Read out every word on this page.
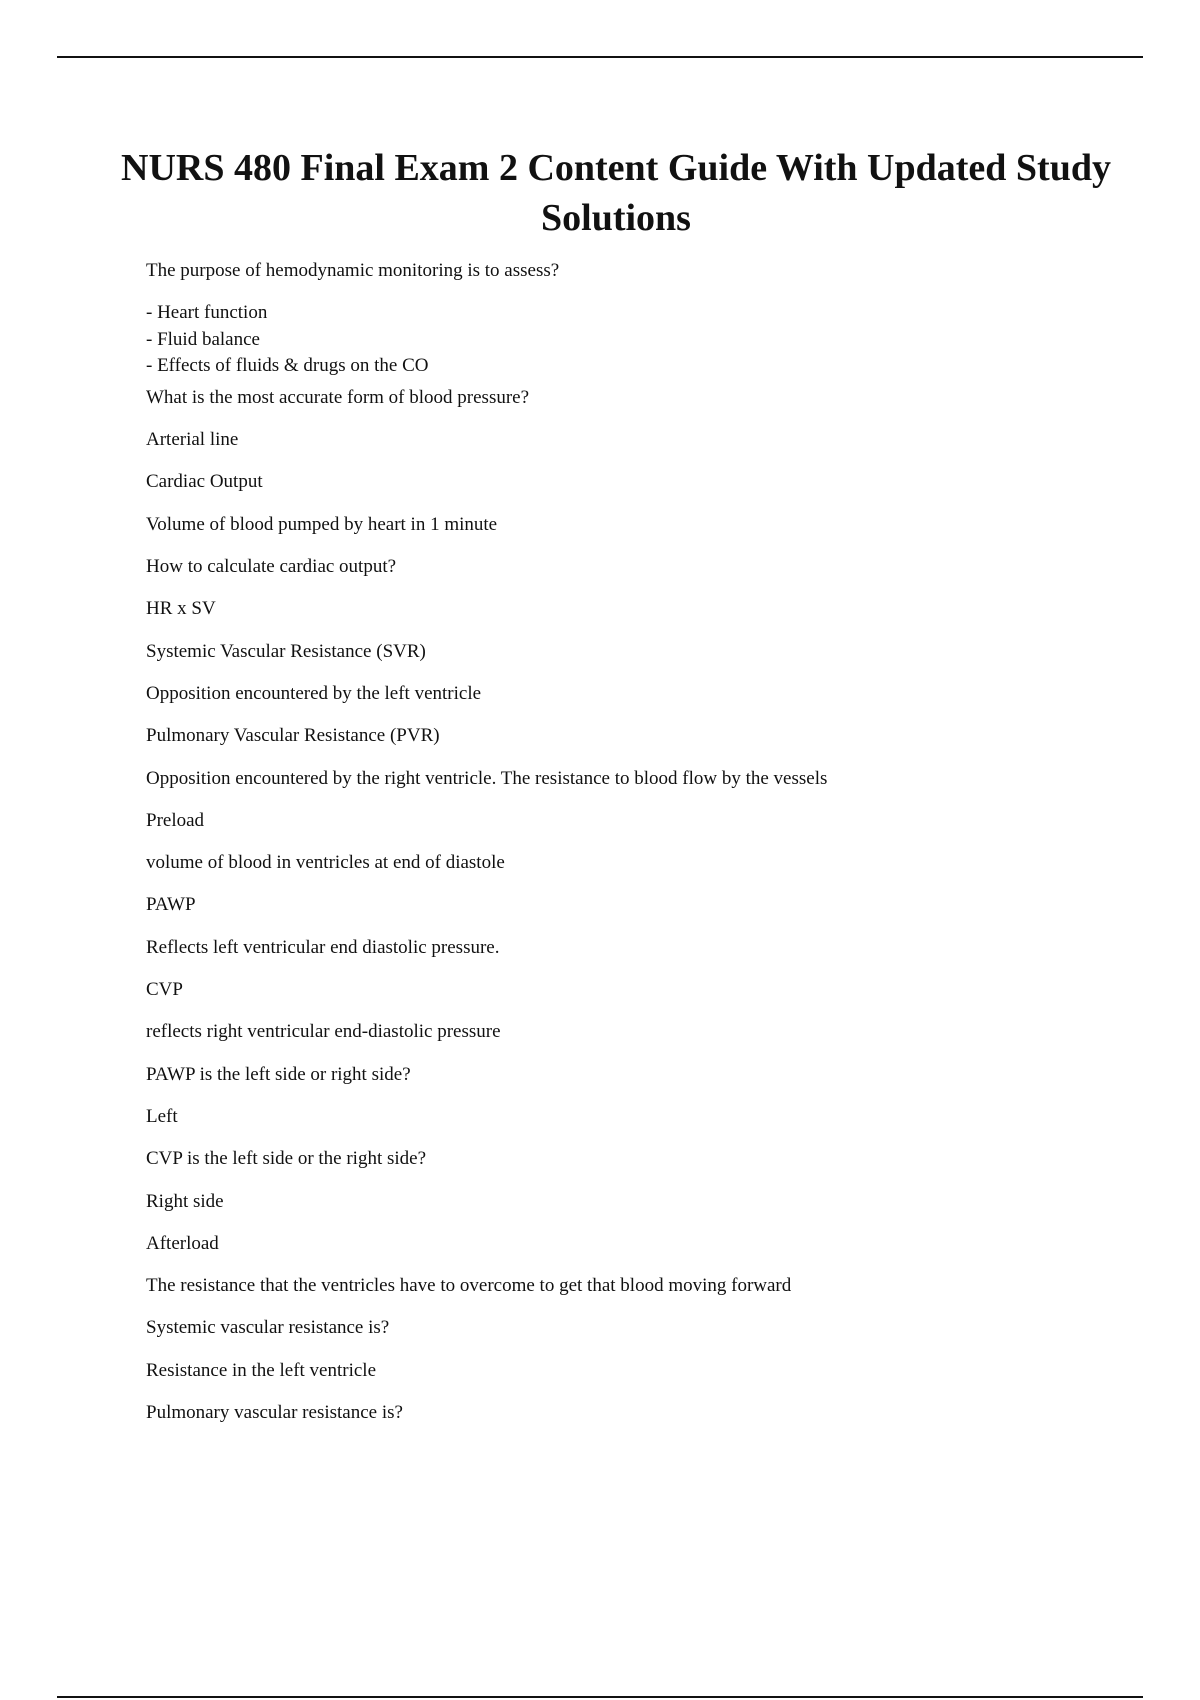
NURS 480 Final Exam 2 Content Guide With Updated Study Solutions
The purpose of hemodynamic monitoring is to assess?
- Heart function
- Fluid balance
- Effects of fluids & drugs on the CO
What is the most accurate form of blood pressure?
Arterial line
Cardiac Output
Volume of blood pumped by heart in 1 minute
How to calculate cardiac output?
HR x SV
Systemic Vascular Resistance (SVR)
Opposition encountered by the left ventricle
Pulmonary Vascular Resistance (PVR)
Opposition encountered by the right ventricle. The resistance to blood flow by the vessels
Preload
volume of blood in ventricles at end of diastole
PAWP
Reflects left ventricular end diastolic pressure.
CVP
reflects right ventricular end-diastolic pressure
PAWP is the left side or right side?
Left
CVP is the left side or the right side?
Right side
Afterload
The resistance that the ventricles have to overcome to get that blood moving forward
Systemic vascular resistance is?
Resistance in the left ventricle
Pulmonary vascular resistance is?
